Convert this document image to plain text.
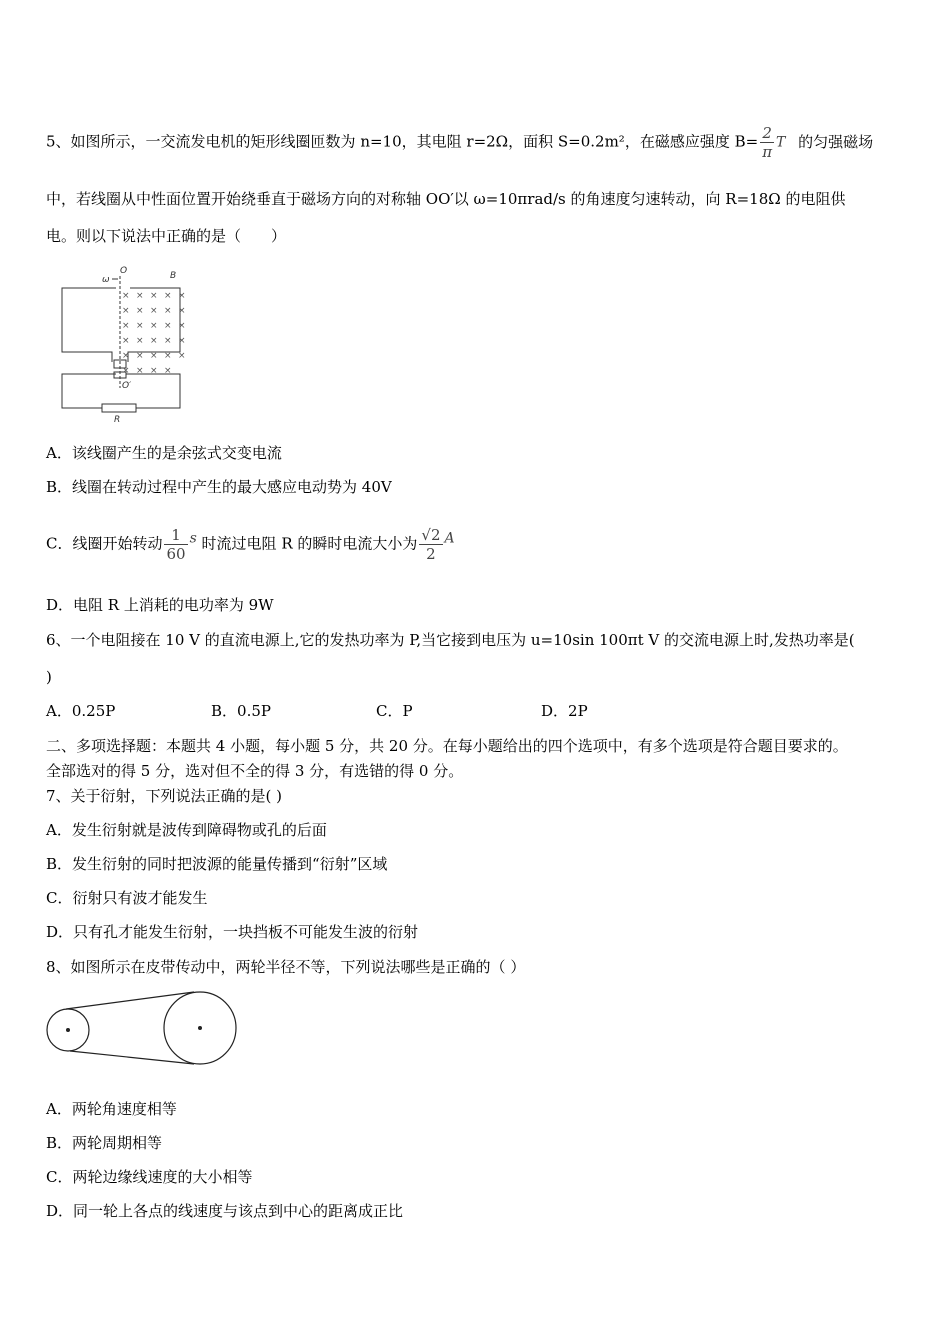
5、如图所示，一交流发电机的矩形线圈匝数为 n=10，其电阻 r=2Ω，面积 S=0.2m²，在磁感应强度 $B= \frac{2}{\pi}$ T 的匀强磁场
中，若线圈从中性面位置开始绕垂直于磁场方向的对称轴 OO′以 ω=10πrad/s 的角速度匀速转动，向 R=18Ω 的电阻供
电。则以下说法中正确的是（　　）
ω
O	B
O′
R
× × × × ×
× × × × ×
× × × × ×
× × × × ×
× × × × ×
× × × ×
A．该线圈产生的是余弦式交变电流
B．线圈在转动过程中产生的最大感应电动势为 40V
C．线圈开始转动 $\frac{1}{60}$ s 时流过电阻 R 的瞬时电流大小为 $\frac{√2}{2}$ A
D．电阻 R 上消耗的电功率为 9W
6、一个电阻接在 10 V 的直流电源上,它的发热功率为 P,当它接到电压为 u=10sin 100πt V 的交流电源上时,发热功率是(
)
A．0.25P	B．0.5P	C．P	D．2P
二、多项选择题：本题共 4 小题，每小题 5 分，共 20 分。在每小题给出的四个选项中，有多个选项是符合题目要求的。
全部选对的得 5 分，选对但不全的得 3 分，有选错的得 0 分。
7、关于衍射，下列说法正确的是( )
A．发生衍射就是波传到障碍物或孔的后面
B．发生衍射的同时把波源的能量传播到“衍射”区域
C．衍射只有波才能发生
D．只有孔才能发生衍射，一块挡板不可能发生波的衍射
8、如图所示在皮带传动中，两轮半径不等，下列说法哪些是正确的（ ）
A．两轮角速度相等
B．两轮周期相等
C．两轮边缘线速度的大小相等
D．同一轮上各点的线速度与该点到中心的距离成正比
